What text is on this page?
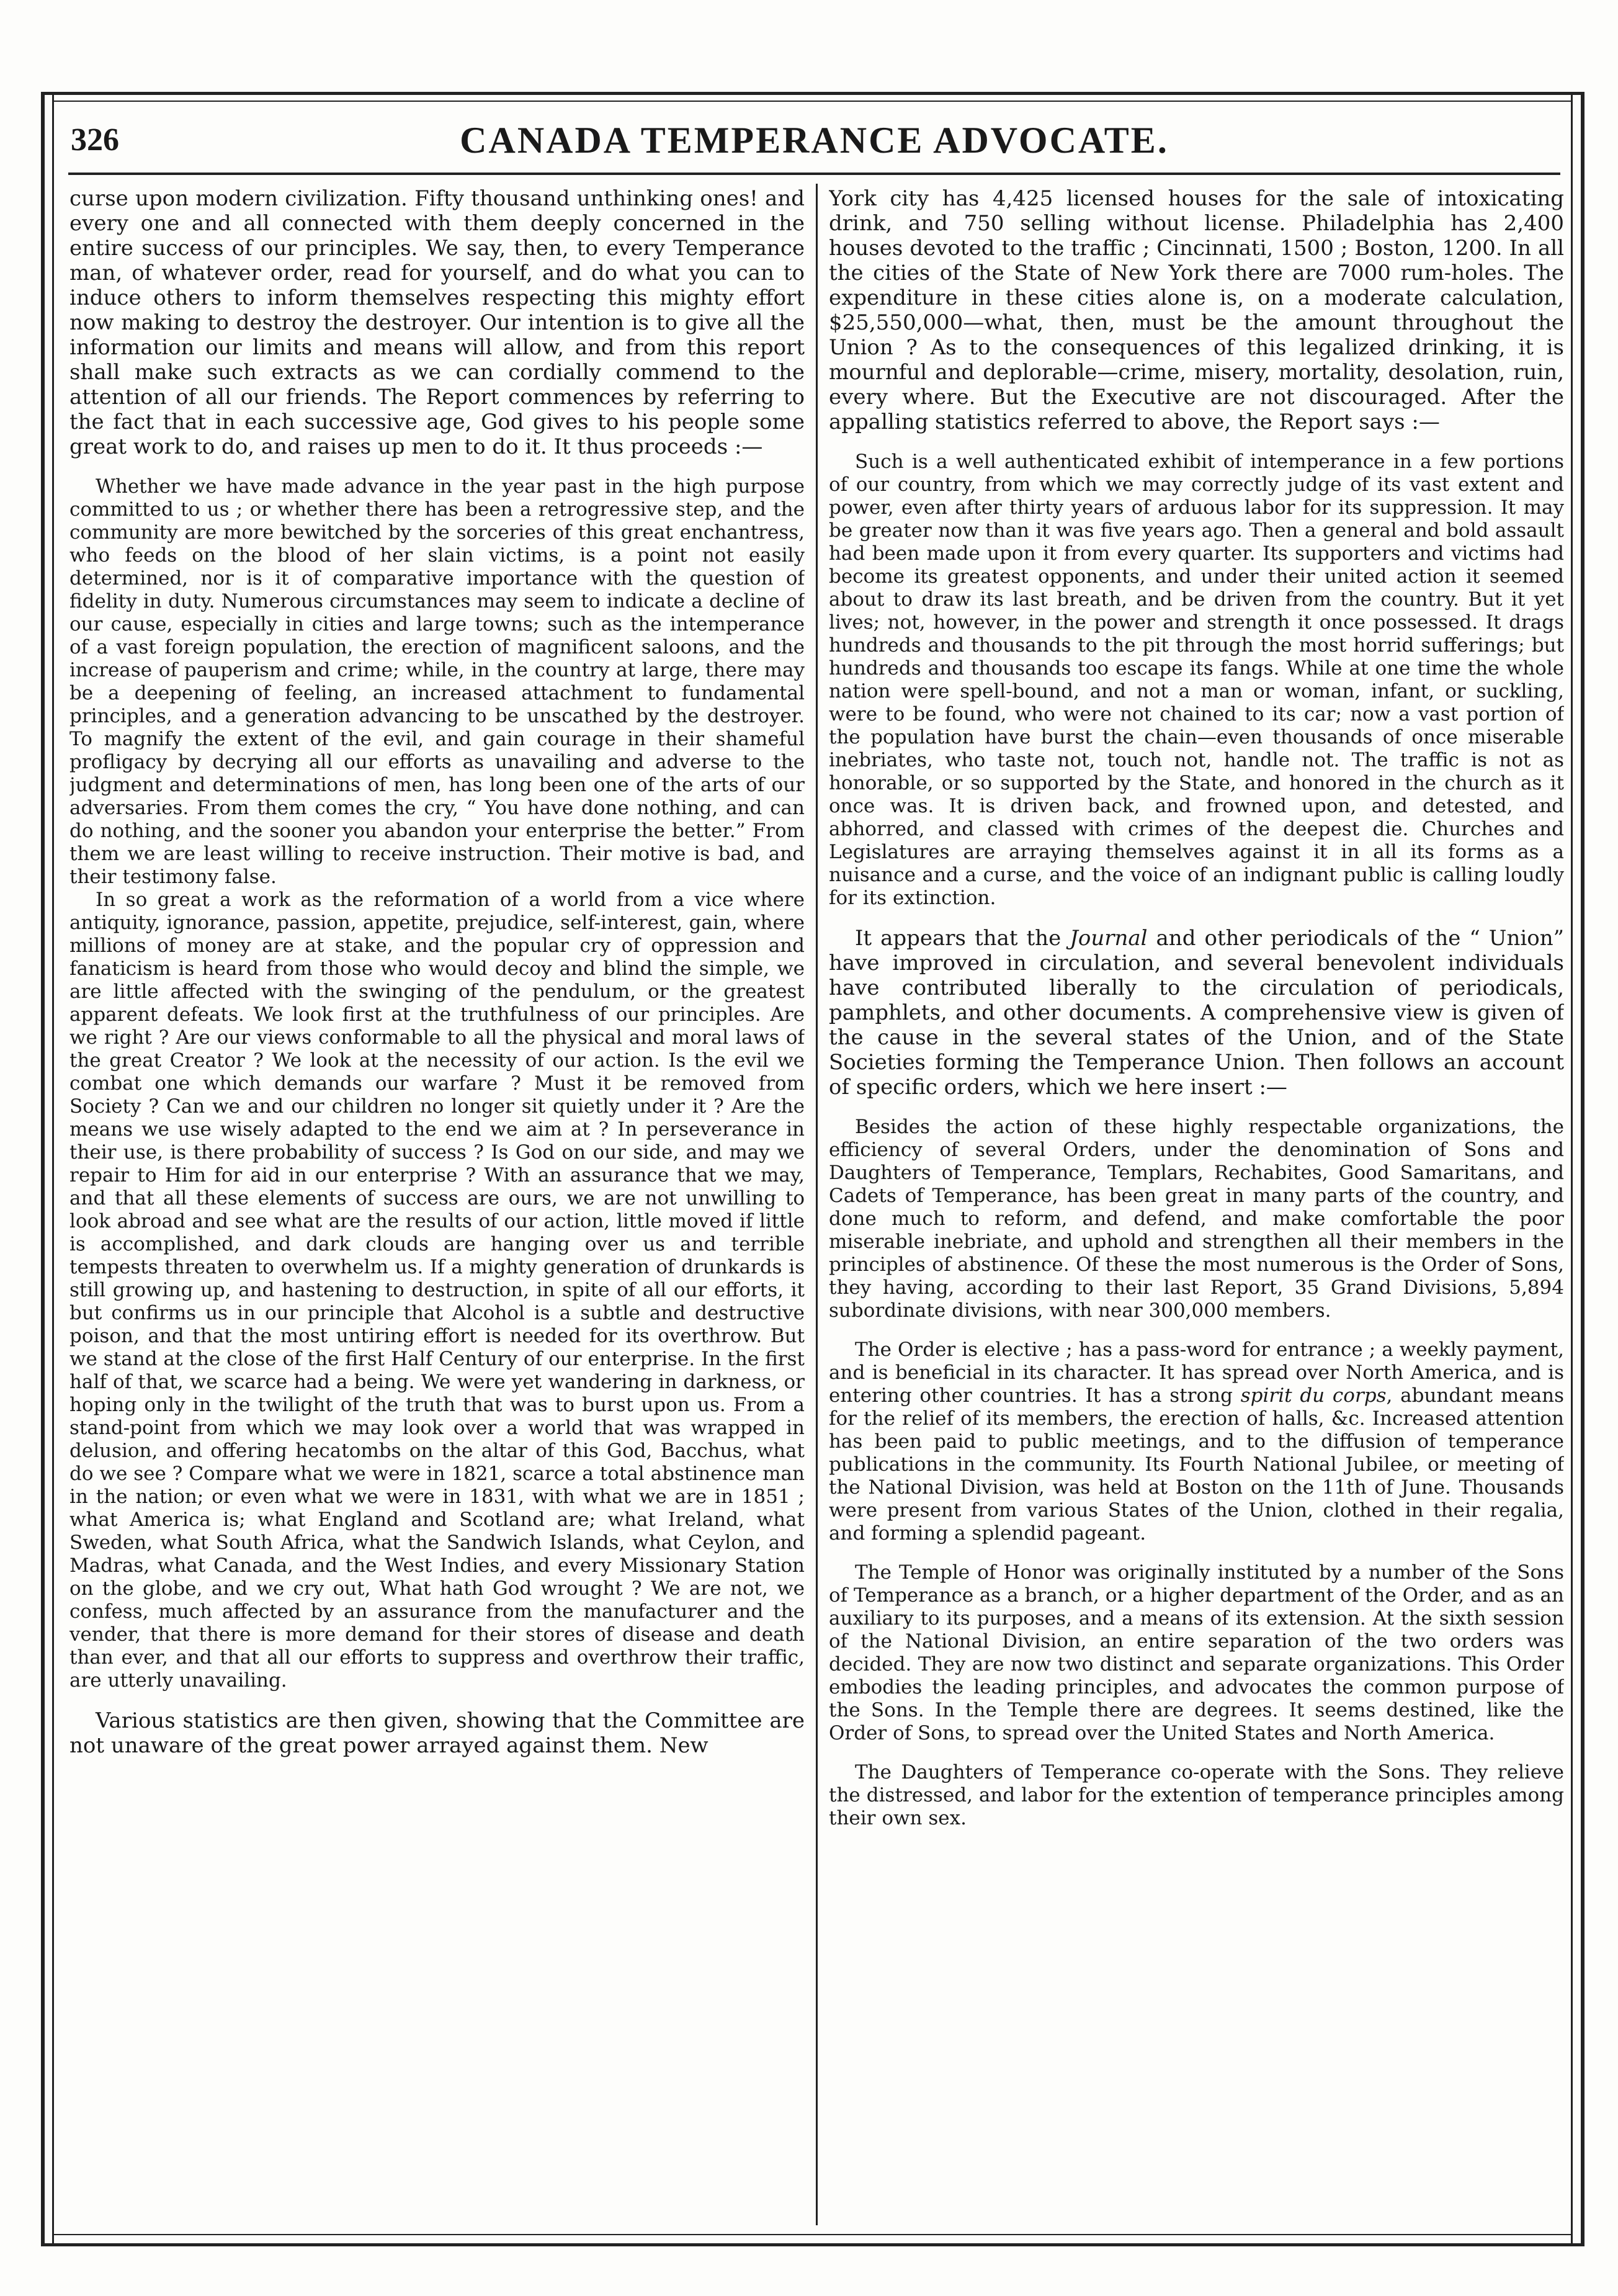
326	CANADA TEMPERANCE ADVOCATE.

curse upon modern civilization. Fifty thousand unthinking ones! and every one and all connected with them deeply concerned in the entire success of our principles. We say, then, to every Temperance man, of whatever order, read for yourself, and do what you can to induce others to inform themselves respecting this mighty effort now making to destroy the destroyer. Our intention is to give all the information our limits and means will allow, and from this report shall make such extracts as we can cordially commend to the attention of all our friends. The Report commences by referring to the fact that in each successive age, God gives to his people some great work to do, and raises up men to do it. It thus proceeds :—

Whether we have made advance in the year past in the high purpose committed to us ; or whether there has been a retrogressive step, and the community are more bewitched by the sorceries of this great enchantress, who feeds on the blood of her slain victims, is a point not easily determined, nor is it of comparative importance with the question of fidelity in duty. Numerous circumstances may seem to indicate a decline of our cause, especially in cities and large towns; such as the intemperance of a vast foreign population, the erection of magnificent saloons, and the increase of pauperism and crime; while, in the country at large, there may be a deepening of feeling, an increased attachment to fundamental principles, and a generation advancing to be unscathed by the destroyer. To magnify the extent of the evil, and gain courage in their shameful profligacy by decrying all our efforts as unavailing and adverse to the judgment and determinations of men, has long been one of the arts of our adversaries. From them comes the cry, “ You have done nothing, and can do nothing, and the sooner you abandon your enterprise the better.” From them we are least willing to receive instruction. Their motive is bad, and their testimony false.

In so great a work as the reformation of a world from a vice where antiquity, ignorance, passion, appetite, prejudice, self-interest, gain, where millions of money are at stake, and the popular cry of oppression and fanaticism is heard from those who would decoy and blind the simple, we are little affected with the swinging of the pendulum, or the greatest apparent defeats. We look first at the truthfulness of our principles. Are we right ? Are our views conformable to all the physical and moral laws of the great Creator ? We look at the necessity of our action. Is the evil we combat one which demands our warfare ? Must it be removed from Society ? Can we and our children no longer sit quietly under it ? Are the means we use wisely adapted to the end we aim at ? In perseverance in their use, is there probability of success ? Is God on our side, and may we repair to Him for aid in our enterprise ? With an assurance that we may, and that all these elements of success are ours, we are not unwilling to look abroad and see what are the results of our action, little moved if little is accomplished, and dark clouds are hanging over us and terrible tempests threaten to overwhelm us. If a mighty generation of drunkards is still growing up, and hastening to destruction, in spite of all our efforts, it but confirms us in our principle that Alcohol is a subtle and destructive poison, and that the most untiring effort is needed for its overthrow. But we stand at the close of the first Half Century of our enterprise. In the first half of that, we scarce had a being. We were yet wandering in darkness, or hoping only in the twilight of the truth that was to burst upon us. From a stand-point from which we may look over a world that was wrapped in delusion, and offering hecatombs on the altar of this God, Bacchus, what do we see ? Compare what we were in 1821, scarce a total abstinence man in the nation; or even what we were in 1831, with what we are in 1851 ; what America is; what England and Scotland are; what Ireland, what Sweden, what South Africa, what the Sandwich Islands, what Ceylon, and Madras, what Canada, and the West Indies, and every Missionary Station on the globe, and we cry out, What hath God wrought ? We are not, we confess, much affected by an assurance from the manufacturer and the vender, that there is more demand for their stores of disease and death than ever, and that all our efforts to suppress and overthrow their traffic, are utterly unavailing.

Various statistics are then given, showing that the Committee are not unaware of the great power arrayed against them. New

York city has 4,425 licensed houses for the sale of intoxicating drink, and 750 selling without license. Philadelphia has 2,400 houses devoted to the traffic ; Cincinnati, 1500 ; Boston, 1200. In all the cities of the State of New York there are 7000 rum-holes. The expenditure in these cities alone is, on a moderate calculation, $25,550,000—what, then, must be the amount throughout the Union ? As to the consequences of this legalized drinking, it is mournful and deplorable—crime, misery, mortality, desolation, ruin, every where. But the Executive are not discouraged. After the appalling statistics referred to above, the Report says :—

Such is a well authenticated exhibit of intemperance in a few portions of our country, from which we may correctly judge of its vast extent and power, even after thirty years of arduous labor for its suppression. It may be greater now than it was five years ago. Then a general and bold assault had been made upon it from every quarter. Its supporters and victims had become its greatest opponents, and under their united action it seemed about to draw its last breath, and be driven from the country. But it yet lives; not, however, in the power and strength it once possessed. It drags hundreds and thousands to the pit through the most horrid sufferings; but hundreds and thousands too escape its fangs. While at one time the whole nation were spell-bound, and not a man or woman, infant, or suckling, were to be found, who were not chained to its car; now a vast portion of the population have burst the chain—even thousands of once miserable inebriates, who taste not, touch not, handle not. The traffic is not as honorable, or so supported by the State, and honored in the church as it once was. It is driven back, and frowned upon, and detested, and abhorred, and classed with crimes of the deepest die. Churches and Legislatures are arraying themselves against it in all its forms as a nuisance and a curse, and the voice of an indignant public is calling loudly for its extinction.

It appears that the Journal and other periodicals of the “ Union” have improved in circulation, and several benevolent individuals have contributed liberally to the circulation of periodicals, pamphlets, and other documents. A comprehensive view is given of the cause in the several states of the Union, and of the State Societies forming the Temperance Union. Then follows an account of specific orders, which we here insert :—

Besides the action of these highly respectable organizations, the efficiency of several Orders, under the denomination of Sons and Daughters of Temperance, Templars, Rechabites, Good Samaritans, and Cadets of Temperance, has been great in many parts of the country, and done much to reform, and defend, and make comfortable the poor miserable inebriate, and uphold and strengthen all their members in the principles of abstinence. Of these the most numerous is the Order of Sons, they having, according to their last Report, 35 Grand Divisions, 5,894 subordinate divisions, with near 300,000 members.

The Order is elective ; has a pass-word for entrance ; a weekly payment, and is beneficial in its character. It has spread over North America, and is entering other countries. It has a strong spirit du corps, abundant means for the relief of its members, the erection of halls, &c. Increased attention has been paid to public meetings, and to the diffusion of temperance publications in the community. Its Fourth National Jubilee, or meeting of the National Division, was held at Boston on the 11th of June. Thousands were present from various States of the Union, clothed in their regalia, and forming a splendid pageant.

The Temple of Honor was originally instituted by a number of the Sons of Temperance as a branch, or a higher department of the Order, and as an auxiliary to its purposes, and a means of its extension. At the sixth session of the National Division, an entire separation of the two orders was decided. They are now two distinct and separate organizations. This Order embodies the leading principles, and advocates the common purpose of the Sons. In the Temple there are degrees. It seems destined, like the Order of Sons, to spread over the United States and North America.

The Daughters of Temperance co-operate with the Sons. They relieve the distressed, and labor for the extention of temperance principles among their own sex.
